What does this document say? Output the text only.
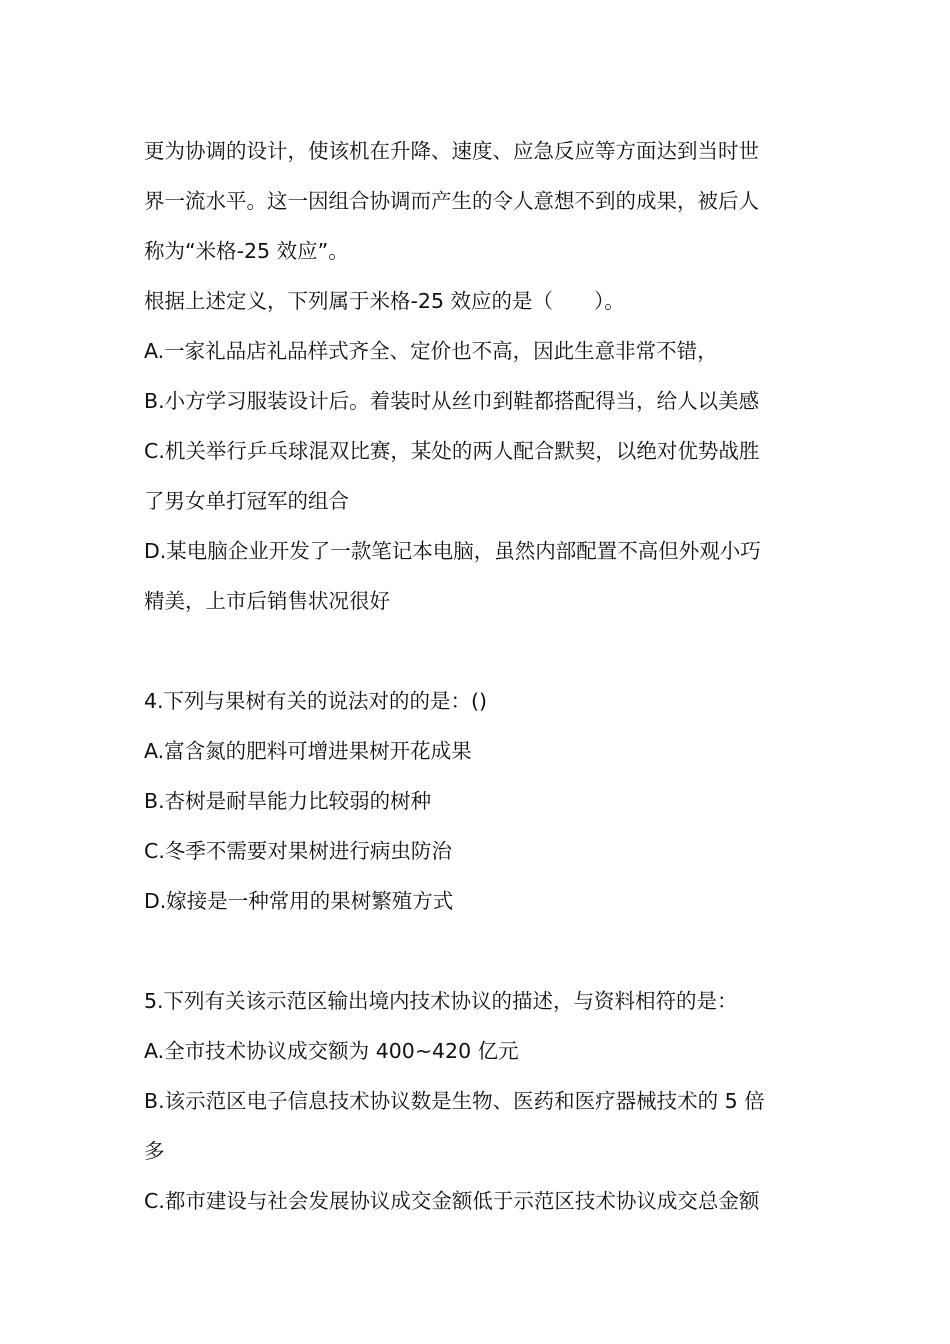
更为协调的设计，使该机在升降、速度、应急反应等方面达到当时世
界一流水平。这一因组合协调而产生的令人意想不到的成果，被后人
称为“米格-25 效应”。
根据上述定义，下列属于米格-25 效应的是（　　）。
A.一家礼品店礼品样式齐全、定价也不高，因此生意非常不错，
B.小方学习服装设计后。着装时从丝巾到鞋都搭配得当，给人以美感
C.机关举行乒乓球混双比赛，某处的两人配合默契，以绝对优势战胜
了男女单打冠军的组合
D.某电脑企业开发了一款笔记本电脑，虽然内部配置不高但外观小巧
精美，上市后销售状况很好
4.下列与果树有关的说法对的的是：()
A.富含氮的肥料可增进果树开花成果
B.杏树是耐旱能力比较弱的树种
C.冬季不需要对果树进行病虫防治
D.嫁接是一种常用的果树繁殖方式
5.下列有关该示范区输出境内技术协议的描述，与资料相符的是：
A.全市技术协议成交额为 400~420 亿元
B.该示范区电子信息技术协议数是生物、医药和医疗器械技术的 5 倍
多
C.都市建设与社会发展协议成交金额低于示范区技术协议成交总金额
